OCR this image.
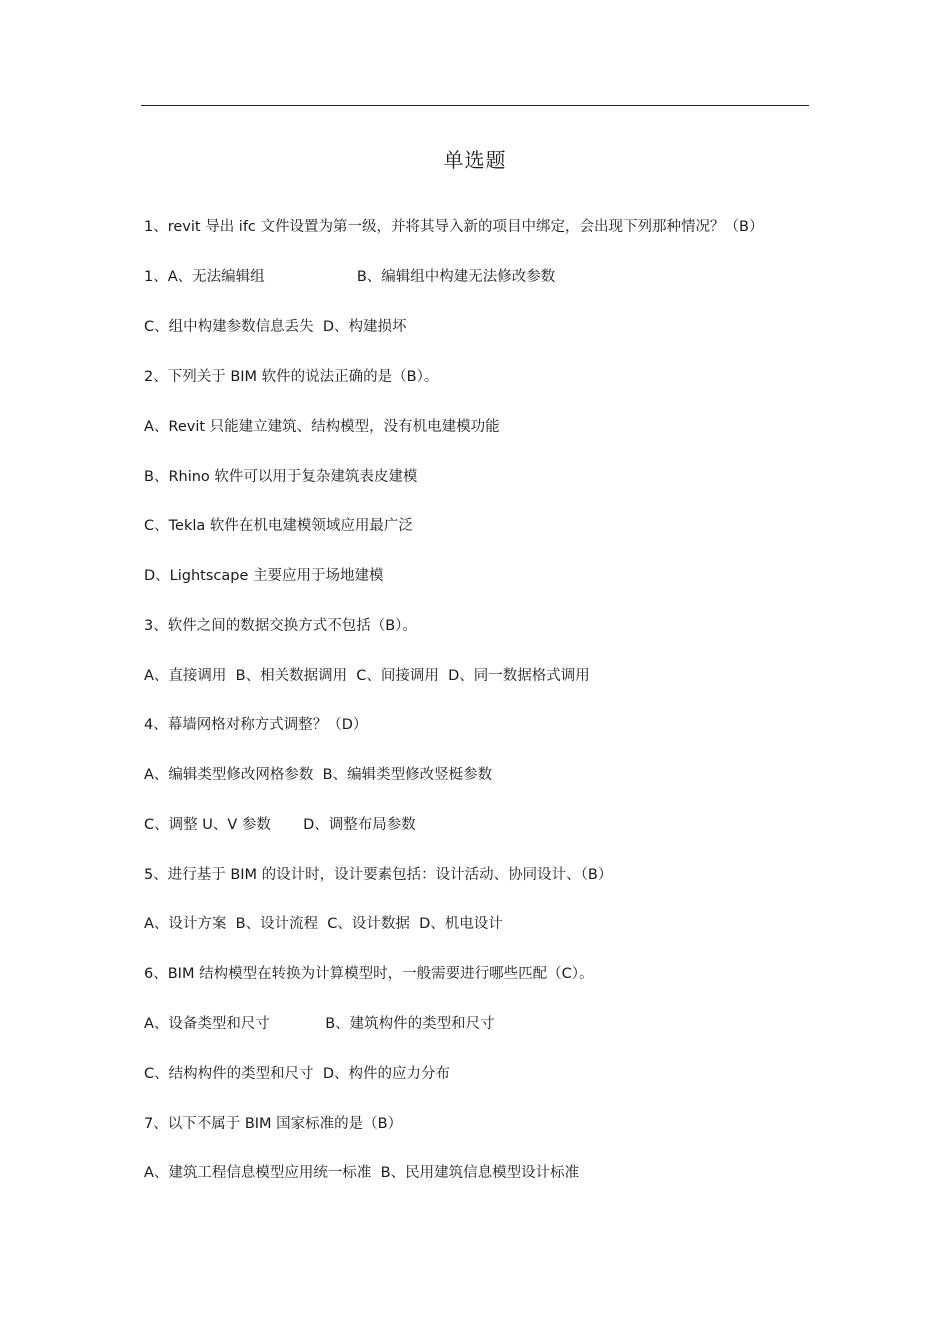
单选题
1、revit 导出 ifc 文件设置为第一级，并将其导入新的项目中绑定，会出现下列那种情况？（B）
1、A、无法编辑组                    B、编辑组中构建无法修改参数
C、组中构建参数信息丢失  D、构建损坏
2、下列关于 BIM 软件的说法正确的是（B）。
A、Revit 只能建立建筑、结构模型，没有机电建模功能
B、Rhino 软件可以用于复杂建筑表皮建模
C、Tekla 软件在机电建模领域应用最广泛
D、Lightscape 主要应用于场地建模
3、软件之间的数据交换方式不包括（B）。
A、直接调用  B、相关数据调用  C、间接调用  D、同一数据格式调用
4、幕墙网格对称方式调整？（D）
A、编辑类型修改网格参数  B、编辑类型修改竖梃参数
C、调整 U、V 参数       D、调整布局参数
5、进行基于 BIM 的设计时，设计要素包括：设计活动、协同设计、（B）
A、设计方案  B、设计流程  C、设计数据  D、机电设计
6、BIM 结构模型在转换为计算模型时，一般需要进行哪些匹配（C）。
A、设备类型和尺寸            B、建筑构件的类型和尺寸
C、结构构件的类型和尺寸  D、构件的应力分布
7、以下不属于 BIM 国家标准的是（B）
A、建筑工程信息模型应用统一标准  B、民用建筑信息模型设计标准
